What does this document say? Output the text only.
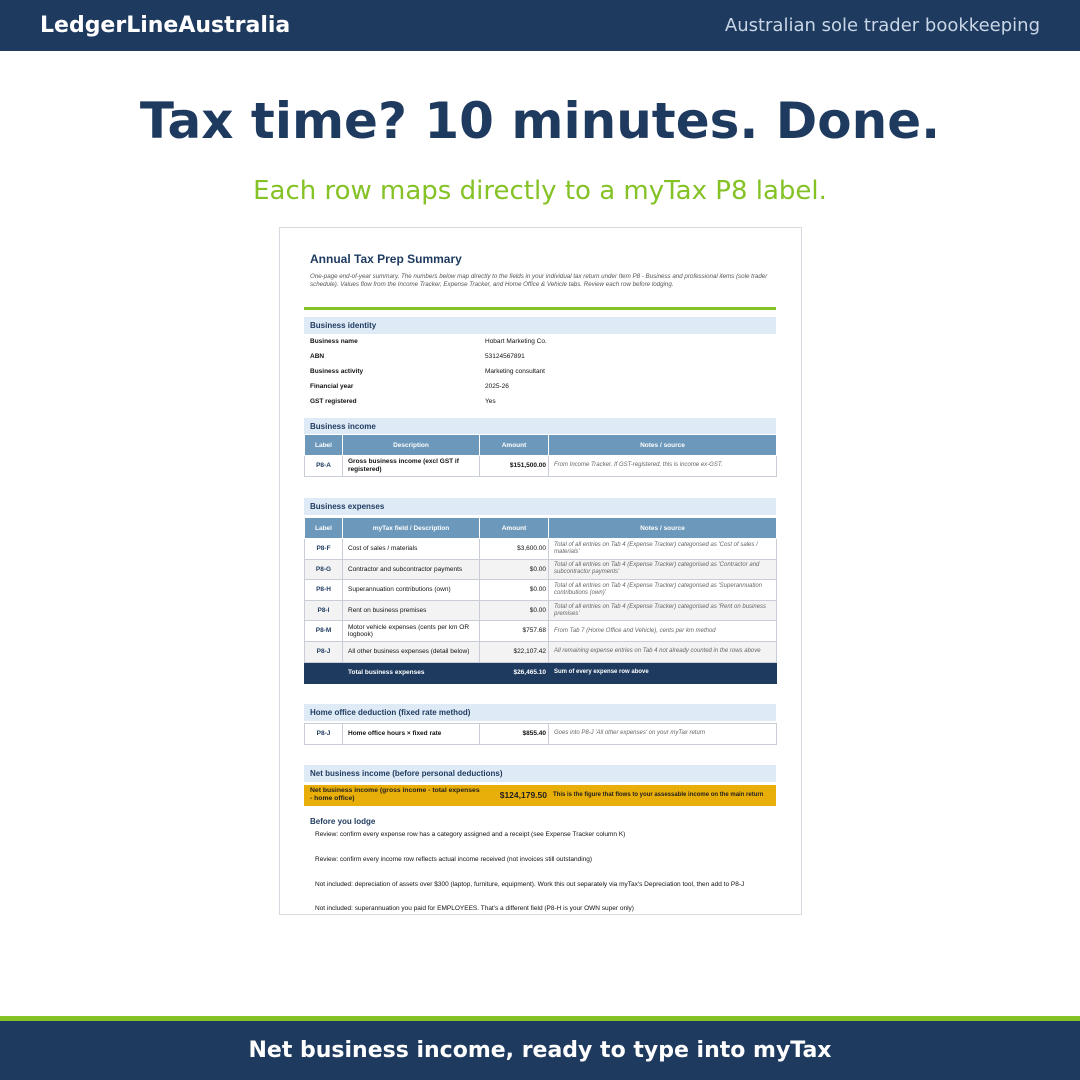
LedgerLineAustralia	Australian sole trader bookkeeping
Tax time? 10 minutes. Done.
Each row maps directly to a myTax P8 label.
Annual Tax Prep Summary
One-page end-of-year summary. The numbers below map directly to the fields in your individual tax return under Item P8 - Business and professional items (sole trader schedule). Values flow from the Income Tracker, Expense Tracker, and Home Office & Vehicle tabs. Review each row before lodging.
Business identity
Business name	Hobart Marketing Co.
ABN	53124567891
Business activity	Marketing consultant
Financial year	2025-26
GST registered	Yes
Business income
Label	Description	Amount	Notes / source
P8-A	Gross business income (excl GST if registered)	$151,500.00	From Income Tracker. If GST-registered, this is income ex-GST.
Business expenses
Label	myTax field / Description	Amount	Notes / source
P8-F	Cost of sales / materials	$3,600.00	Total of all entries on Tab 4 (Expense Tracker) categorised as 'Cost of sales / materials'
P8-G	Contractor and subcontractor payments	$0.00	Total of all entries on Tab 4 (Expense Tracker) categorised as 'Contractor and subcontractor payments'
P8-H	Superannuation contributions (own)	$0.00	Total of all entries on Tab 4 (Expense Tracker) categorised as 'Superannuation contributions (own)'
P8-I	Rent on business premises	$0.00	Total of all entries on Tab 4 (Expense Tracker) categorised as 'Rent on business premises'
P8-M	Motor vehicle expenses (cents per km OR logbook)	$757.68	From Tab 7 (Home Office and Vehicle), cents per km method
P8-J	All other business expenses (detail below)	$22,107.42	All remaining expense entries on Tab 4 not already counted in the rows above
	Total business expenses	$26,465.10	Sum of every expense row above
Home office deduction (fixed rate method)
P8-J	Home office hours × fixed rate	$855.40	Goes into P8-J 'All other expenses' on your myTax return
Net business income (before personal deductions)
Net business income (gross income - total expenses - home office)	$124,179.50 This is the figure that flows to your assessable income on the main return
Before you lodge
Review: confirm every expense row has a category assigned and a receipt (see Expense Tracker column K)
Review: confirm every income row reflects actual income received (not invoices still outstanding)
Not included: depreciation of assets over $300 (laptop, furniture, equipment). Work this out separately via myTax's Depreciation tool, then add to P8-J
Not included: superannuation you paid for EMPLOYEES. That's a different field (P8-H is your OWN super only)
Net business income, ready to type into myTax
